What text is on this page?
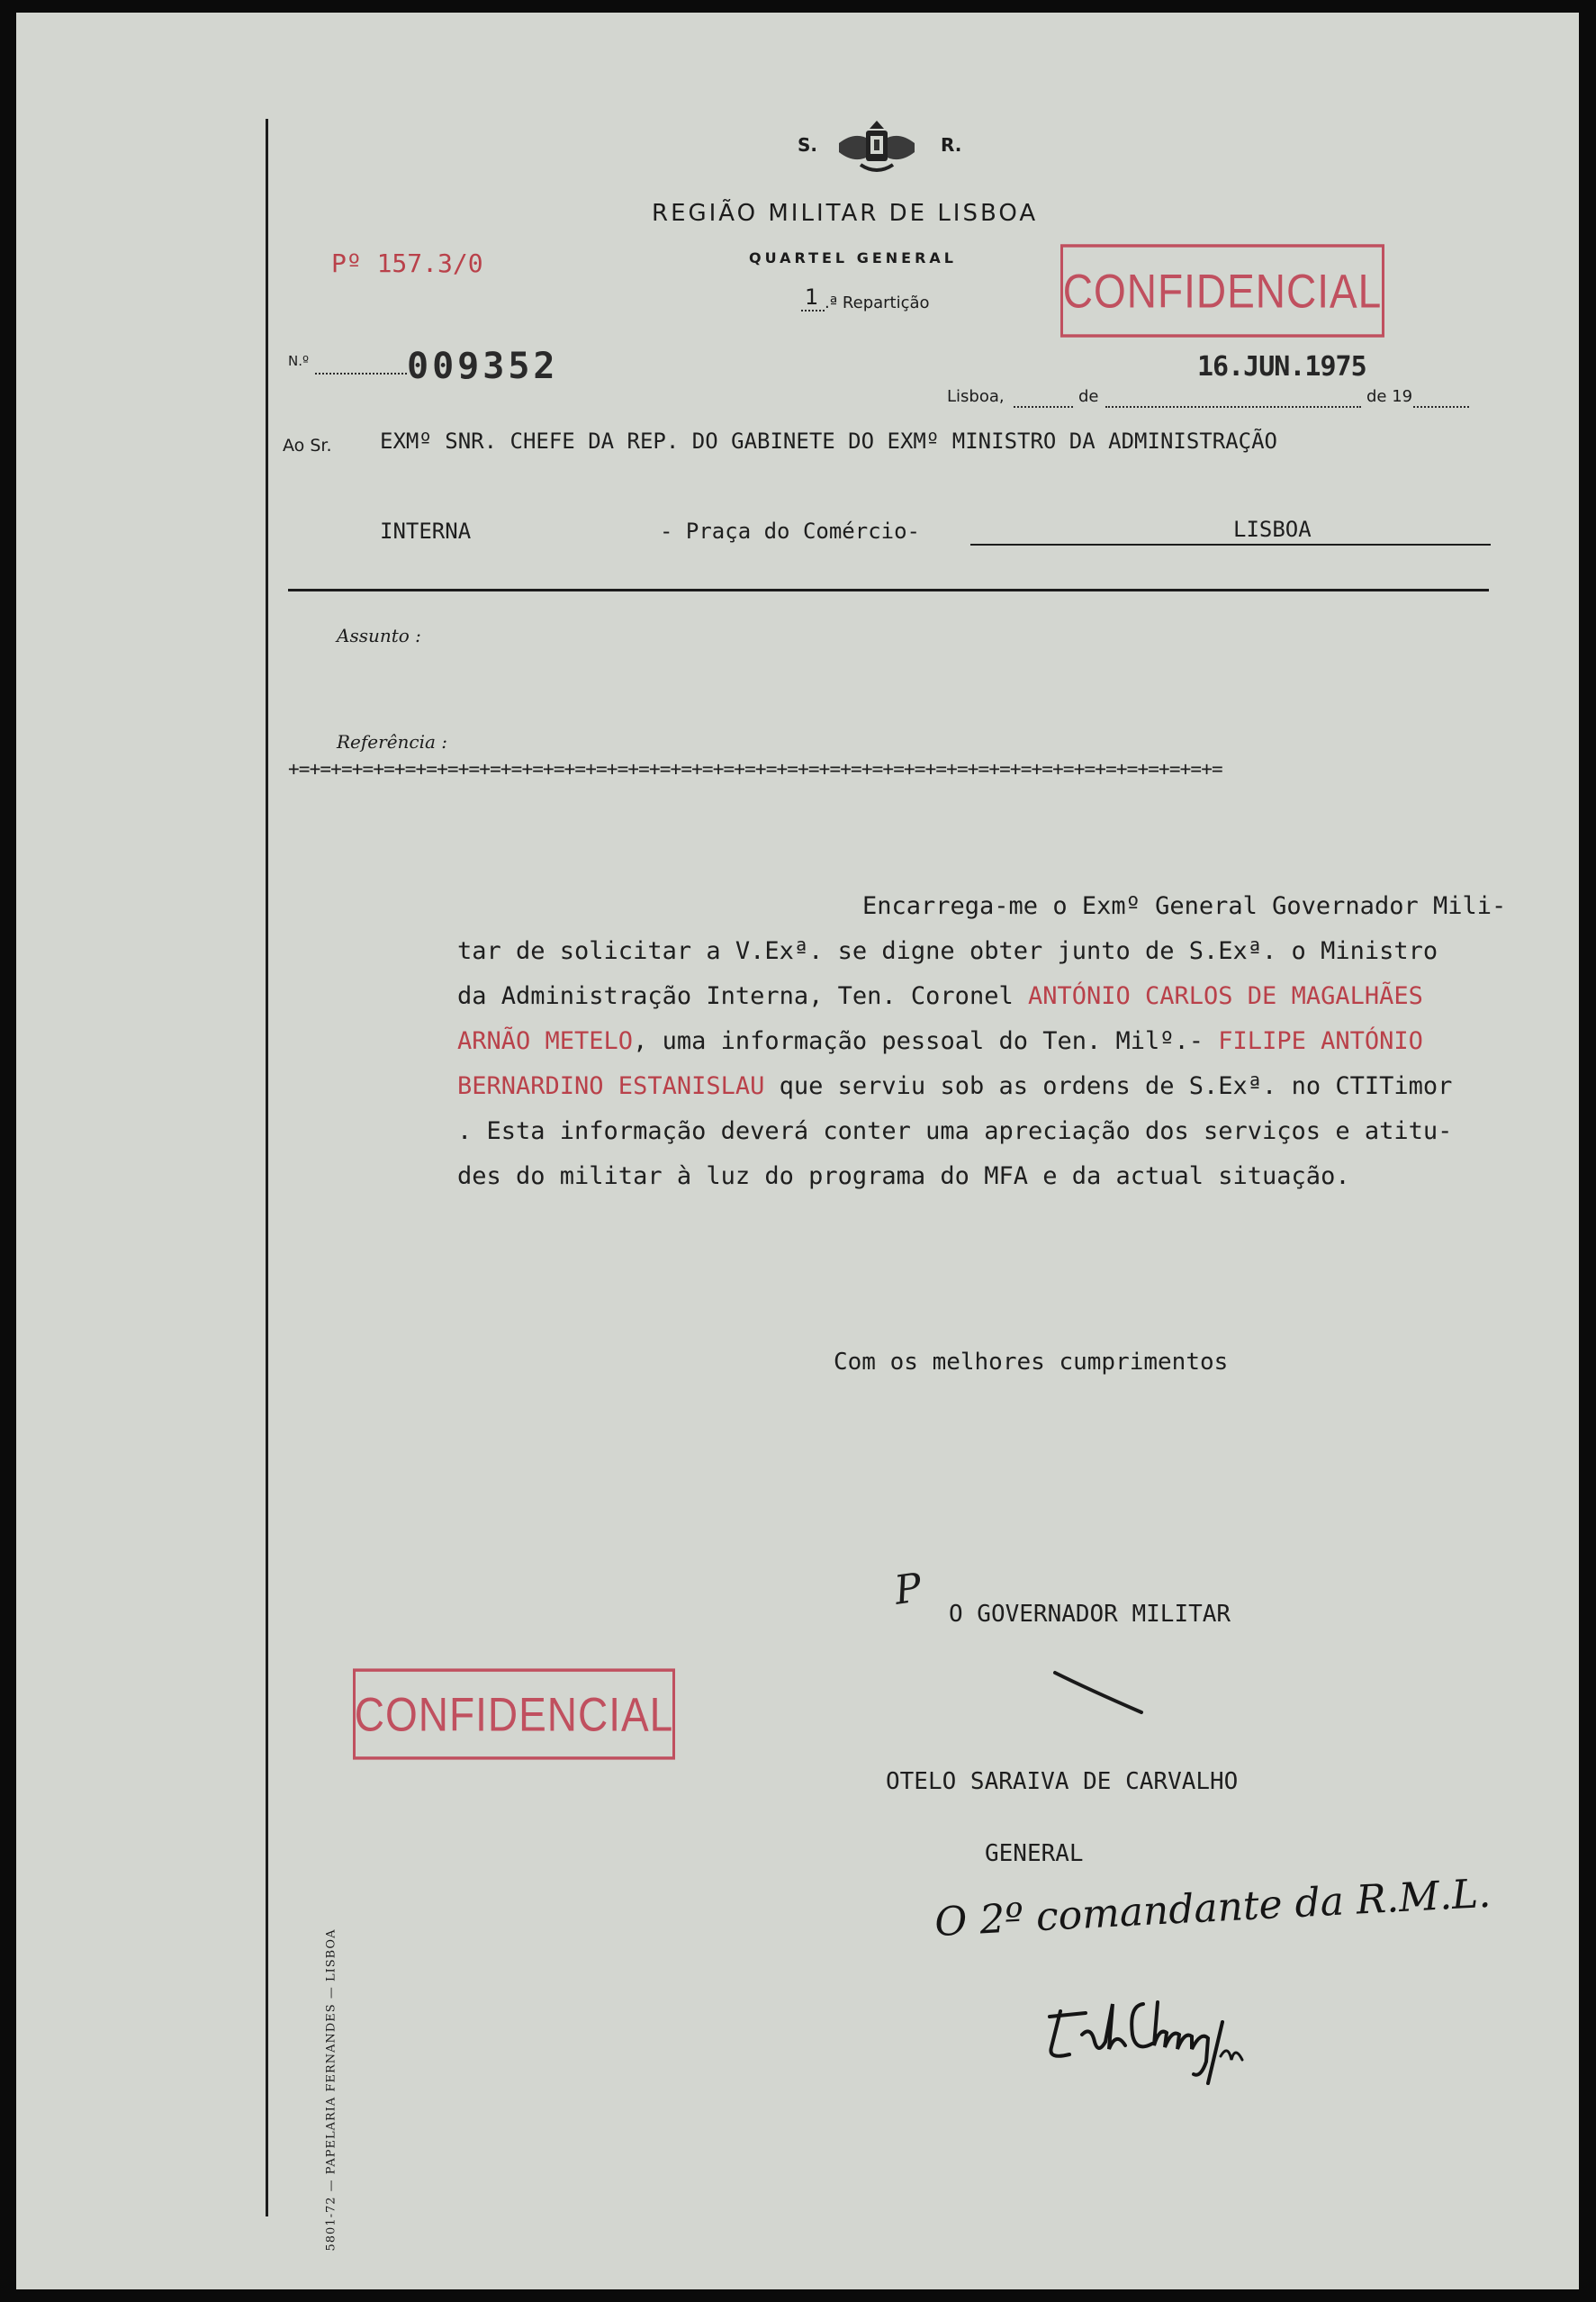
S.	R.
REGIÃO MILITAR DE LISBOA
QUARTEL GENERAL
1 .ª Repartição
Pº 157.3/0
N.º	009352
CONFIDENCIAL
16.JUN.1975
Lisboa,	de	de 19
Ao Sr. EXMº SNR. CHEFE DA REP. DO GABINETE DO EXMº MINISTRO DA ADMINISTRAÇÃO
INTERNA	- Praça do Comércio-	LISBOA
Assunto :
Referência :
+=+=+=+=+=+=+=+=+=+=+=+=+=+=+=+=+=+=+=+=+=+=+=+=+=+=+=+=+=+=+=+=+=+=+=+=+=+=+=+=+=+=+=+=
Encarrega-me o Exmº General Governador Mili-
tar de solicitar a V.Exª. se digne obter junto de S.Exª. o Ministro
da Administração Interna, Ten. Coronel ANTÓNIO CARLOS DE MAGALHÃES
ARNÃO METELO, uma informação pessoal do Ten. Milº.- FILIPE ANTÓNIO
BERNARDINO ESTANISLAU que serviu sob as ordens de S.Exª. no CTITimor
. Esta informação deverá conter uma apreciação dos serviços e atitu-
des do militar à luz do programa do MFA e da actual situação.
Com os melhores cumprimentos
P
O GOVERNADOR MILITAR
CONFIDENCIAL
OTELO SARAIVA DE CARVALHO
GENERAL
O 2º comandante da R.M.L.
5801-72 — PAPELARIA FERNANDES — LISBOA
